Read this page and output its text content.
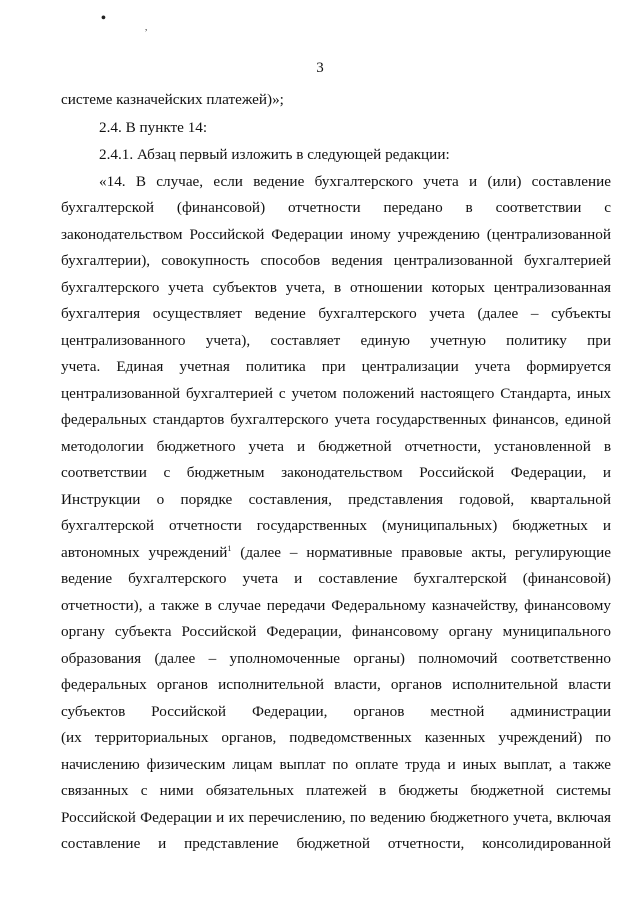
•
,
3

системе казначейских платежей)»;

2.4. В пункте 14:

2.4.1. Абзац первый изложить в следующей редакции:

«14. В случае, если ведение бухгалтерского учета и (или) составление

бухгалтерской (финансовой) отчетности передано в соответствии с

законодательством Российской Федерации иному учреждению (централизованной

бухгалтерии), совокупность способов ведения централизованной бухгалтерией

бухгалтерского учета субъектов учета, в отношении которых централизованная

бухгалтерия осуществляет ведение бухгалтерского учета (далее – субъекты

централизованного учета), составляет единую учетную политику при

учета. Единая учетная политика при централизации учета формируется

централизованной бухгалтерией с учетом положений настоящего Стандарта, иных

федеральных стандартов бухгалтерского учета государственных финансов, единой

методологии бюджетного учета и бюджетной отчетности, установленной в

соответствии с бюджетным законодательством Российской Федерации, и

Инструкции о порядке составления, представления годовой, квартальной

бухгалтерской отчетности государственных (муниципальных) бюджетных и

автономных учреждений$^1$ (далее – нормативные правовые акты, регулирующие

ведение бухгалтерского учета и составление бухгалтерской (финансовой)

отчетности), а также в случае передачи Федеральному казначейству, финансовому

органу субъекта Российской Федерации, финансовому органу муниципального

образования (далее – уполномоченные органы) полномочий соответственно

федеральных органов исполнительной власти, органов исполнительной власти

субъектов Российской Федерации, органов местной администрации

(их территориальных органов, подведомственных казенных учреждений) по

начислению физическим лицам выплат по оплате труда и иных выплат, а также

связанных с ними обязательных платежей в бюджеты бюджетной системы

Российской Федерации и их перечислению, по ведению бюджетного учета, включая

составление и представление бюджетной отчетности, консолидированной
